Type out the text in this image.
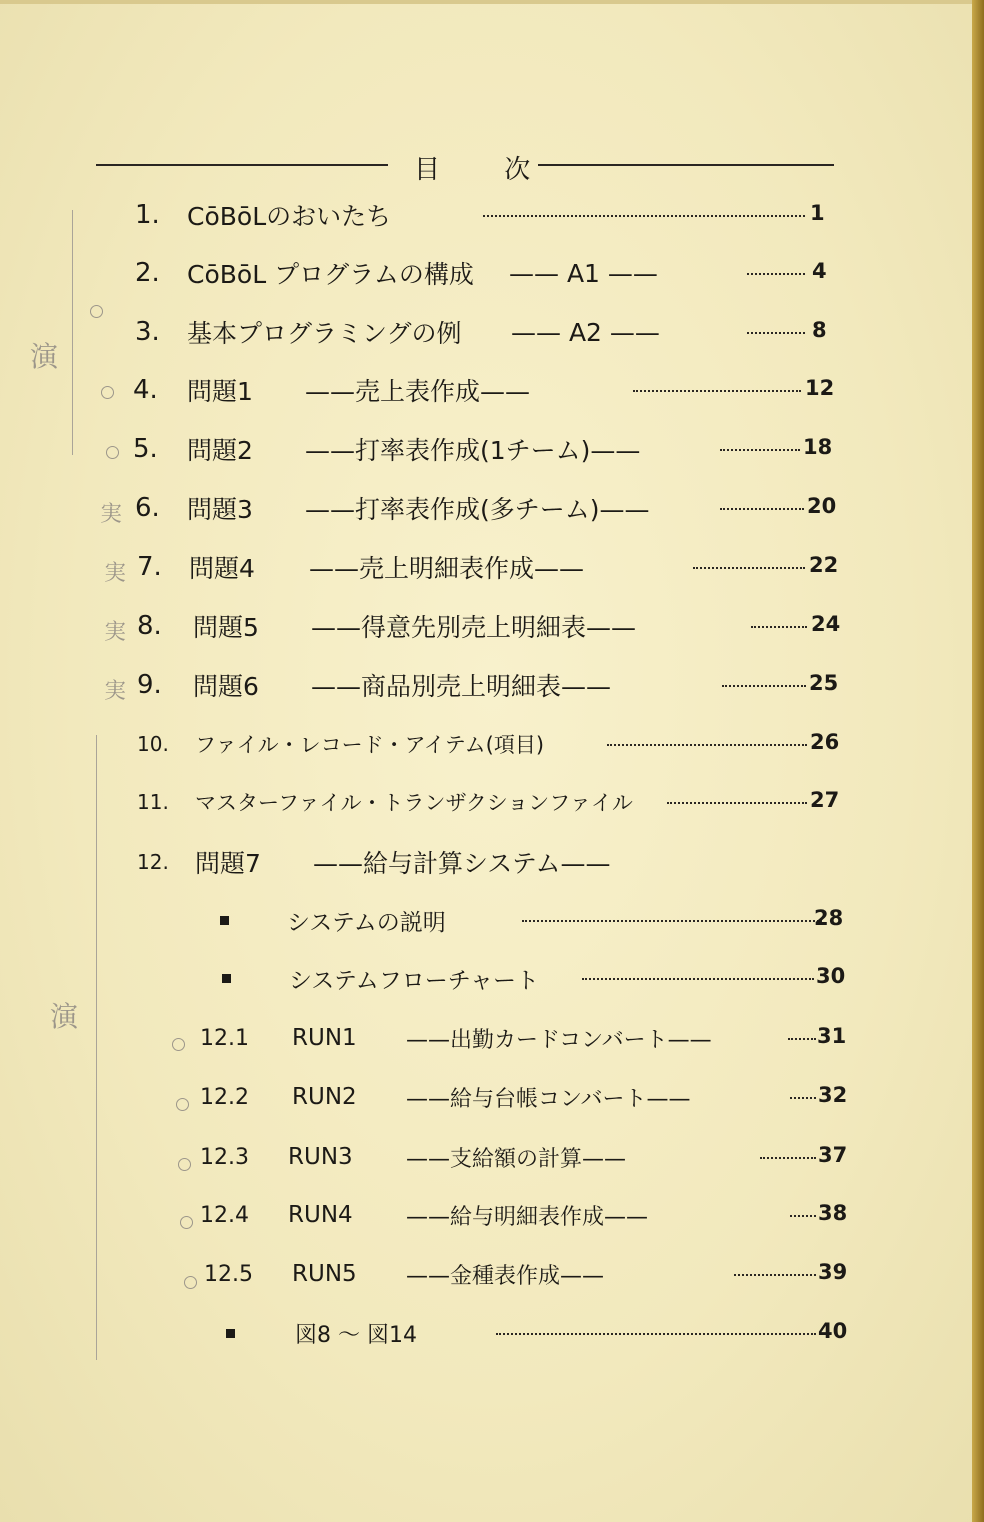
目 次
演
演
実
実
実
実
1.	CōBōLのおいたち	1
2.	CōBōL プログラムの構成	—— A1 ——	4
3.	基本プログラミングの例	—— A2 ——	8
4.	問題1	——売上表作成——	12
5.	問題2	——打率表作成(1チーム)——	18
6.	問題3	——打率表作成(多チーム)——	20
7.	問題4	——売上明細表作成——	22
8.	問題5	——得意先別売上明細表——	24
9.	問題6	——商品別売上明細表——	25
10.	ファイル・レコード・アイテム(項目)	26
11.	マスターファイル・トランザクションファイル	27
12.	問題7	——給与計算システム——
システムの説明	28
システムフローチャート	30
12.1	RUN1	——出勤カードコンバート——	31
12.2	RUN2	——給与台帳コンバート——	32
12.3	RUN3	——支給額の計算——	37
12.4	RUN4	——給与明細表作成——	38
12.5	RUN5	——金種表作成——	39
図8 〜 図14	40
